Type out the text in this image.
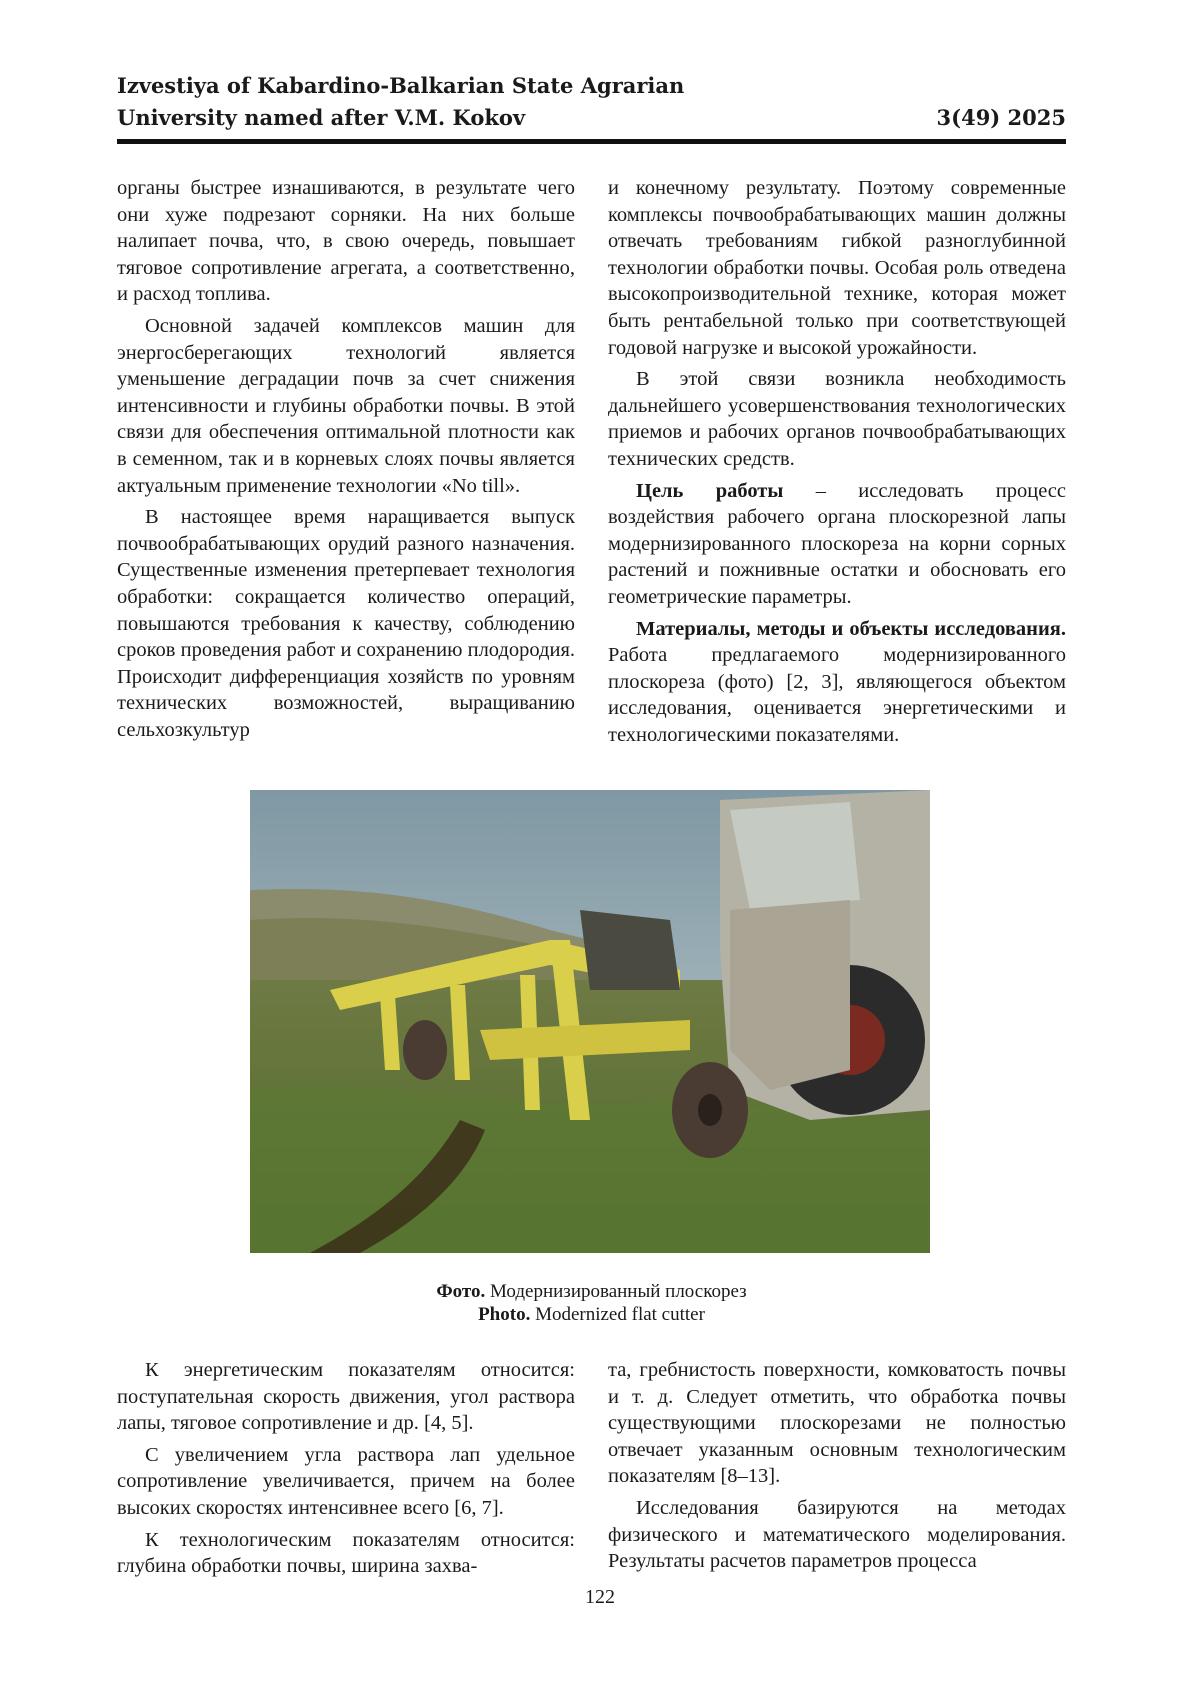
Izvestiya of Kabardino-Balkarian State Agrarian
University named after V.M. Kokov	3(49) 2025

органы быстрее изнашиваются, в результате чего они хуже подрезают сорняки. На них больше налипает почва, что, в свою очередь, повышает тяговое сопротивление агрегата, а соответственно, и расход топлива.

Основной задачей комплексов машин для энергосберегающих технологий является уменьшение деградации почв за счет снижения интенсивности и глубины обработки почвы. В этой связи для обеспечения оптимальной плотности как в семенном, так и в корневых слоях почвы является актуальным применение технологии «No till».

В настоящее время наращивается выпуск почвообрабатывающих орудий разного назначения. Существенные изменения претерпевает технология обработки: сокращается количество операций, повышаются требования к качеству, соблюдению сроков проведения работ и сохранению плодородия. Происходит дифференциация хозяйств по уровням технических возможностей, выращиванию сельхозкультур

и конечному результату. Поэтому современные комплексы почвообрабатывающих машин должны отвечать требованиям гибкой разноглубинной технологии обработки почвы. Особая роль отведена высокопроизводительной технике, которая может быть рентабельной только при соответствующей годовой нагрузке и высокой урожайности.

В этой связи возникла необходимость дальнейшего усовершенствования технологических приемов и рабочих органов почвообрабатывающих технических средств.

Цель работы – исследовать процесс воздействия рабочего органа плоскорезной лапы модернизированного плоскореза на корни сорных растений и пожнивные остатки и обосновать его геометрические параметры.

Материалы, методы и объекты исследования. Работа предлагаемого модернизированного плоскореза (фото) [2, 3], являющегося объектом исследования, оценивается энергетическими и технологическими показателями.

Фото. Модернизированный плоскорез
Photo. Modernized flat cutter

К энергетическим показателям относится: поступательная скорость движения, угол раствора лапы, тяговое сопротивление и др. [4, 5].

С увеличением угла раствора лап удельное сопротивление увеличивается, причем на более высоких скоростях интенсивнее всего [6, 7].

К технологическим показателям относится: глубина обработки почвы, ширина захва-

та, гребнистость поверхности, комковатость почвы и т. д. Следует отметить, что обработка почвы существующими плоскорезами не полностью отвечает указанным основным технологическим показателям [8–13].

Исследования базируются на методах физического и математического моделирования. Результаты расчетов параметров процесса

122
